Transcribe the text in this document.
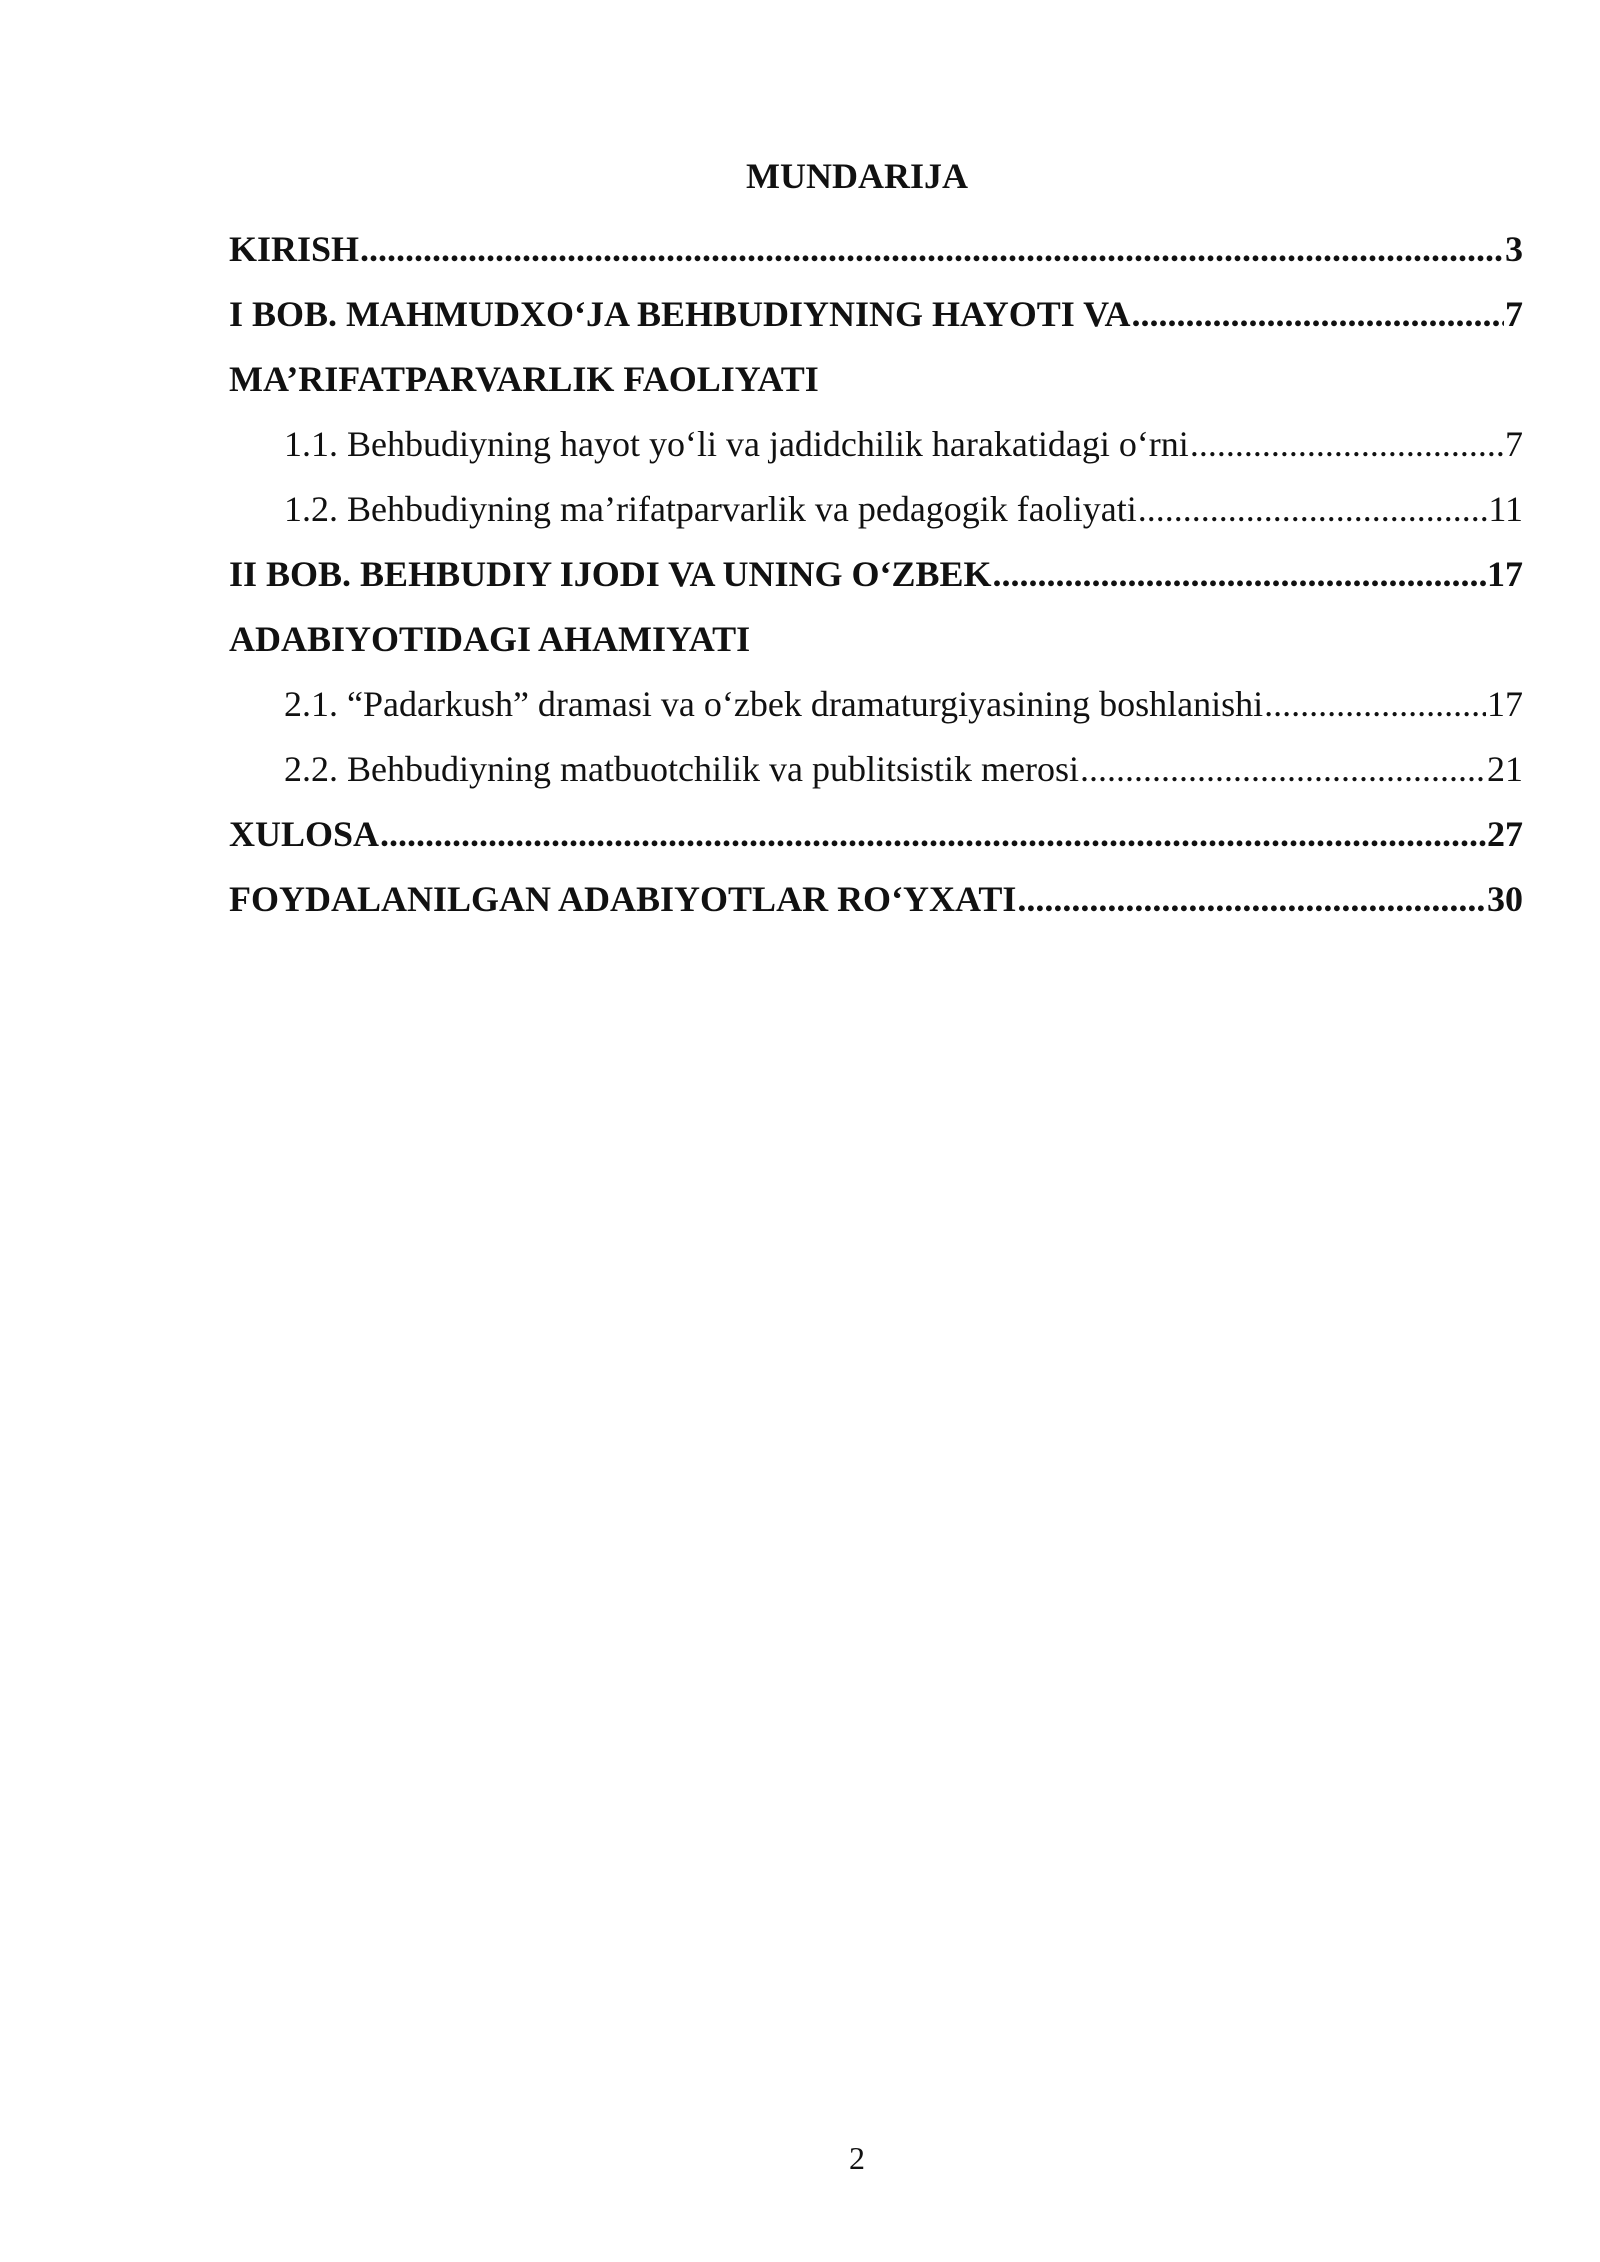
MUNDARIJA
KIRISH .....	3
I BOB. MAHMUDXO‘JA BEHBUDIYNING HAYOTI VA .....	7
MA’RIFATPARVARLIK FAOLIYATI
1.1. Behbudiyning hayot yo‘li va jadidchilik harakatidagi o‘rni .....	7
1.2. Behbudiyning ma’rifatparvarlik va pedagogik faoliyati .....	11
II BOB. BEHBUDIY IJODI VA UNING O‘ZBEK .....	17
ADABIYOTIDAGI AHAMIYATI
2.1. “Padarkush” dramasi va o‘zbek dramaturgiyasining boshlanishi .....	17
2.2. Behbudiyning matbuotchilik va publitsistik merosi .....	21
XULOSA .....	27
FOYDALANILGAN ADABIYOTLAR RO‘YXATI .....	30
2
